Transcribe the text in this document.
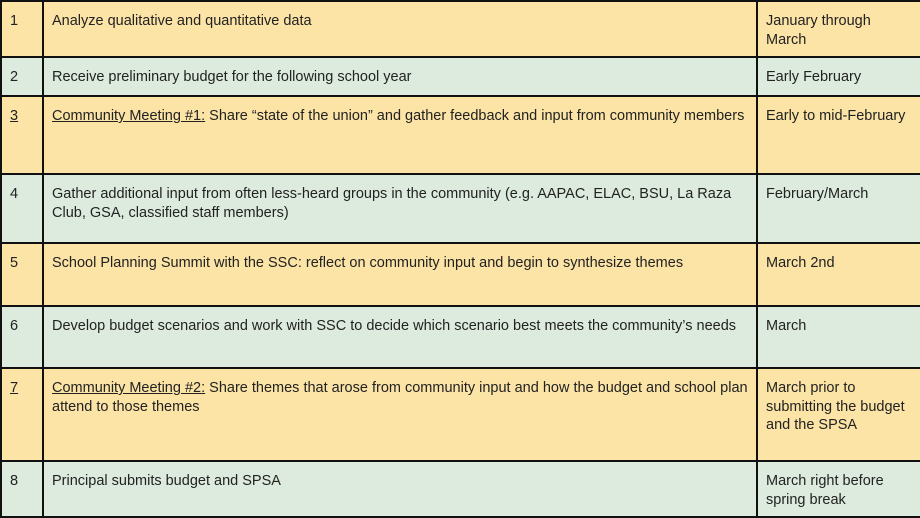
1	Analyze qualitative and quantitative data	January through March
2	Receive preliminary budget for the following school year	Early February
3	Community Meeting #1: Share “state of the union” and gather feedback and input from community members	Early to mid-February
4	Gather additional input from often less-heard groups in the community (e.g. AAPAC, ELAC, BSU, La Raza Club, GSA, classified staff members)	February/March
5	School Planning Summit with the SSC: reflect on community input and begin to synthesize themes	March 2nd
6	Develop budget scenarios and work with SSC to decide which scenario best meets the community’s needs	March
7	Community Meeting #2: Share themes that arose from community input and how the budget and school plan attend to those themes	March prior to submitting the budget and the SPSA
8	Principal submits budget and SPSA	March right before spring break
